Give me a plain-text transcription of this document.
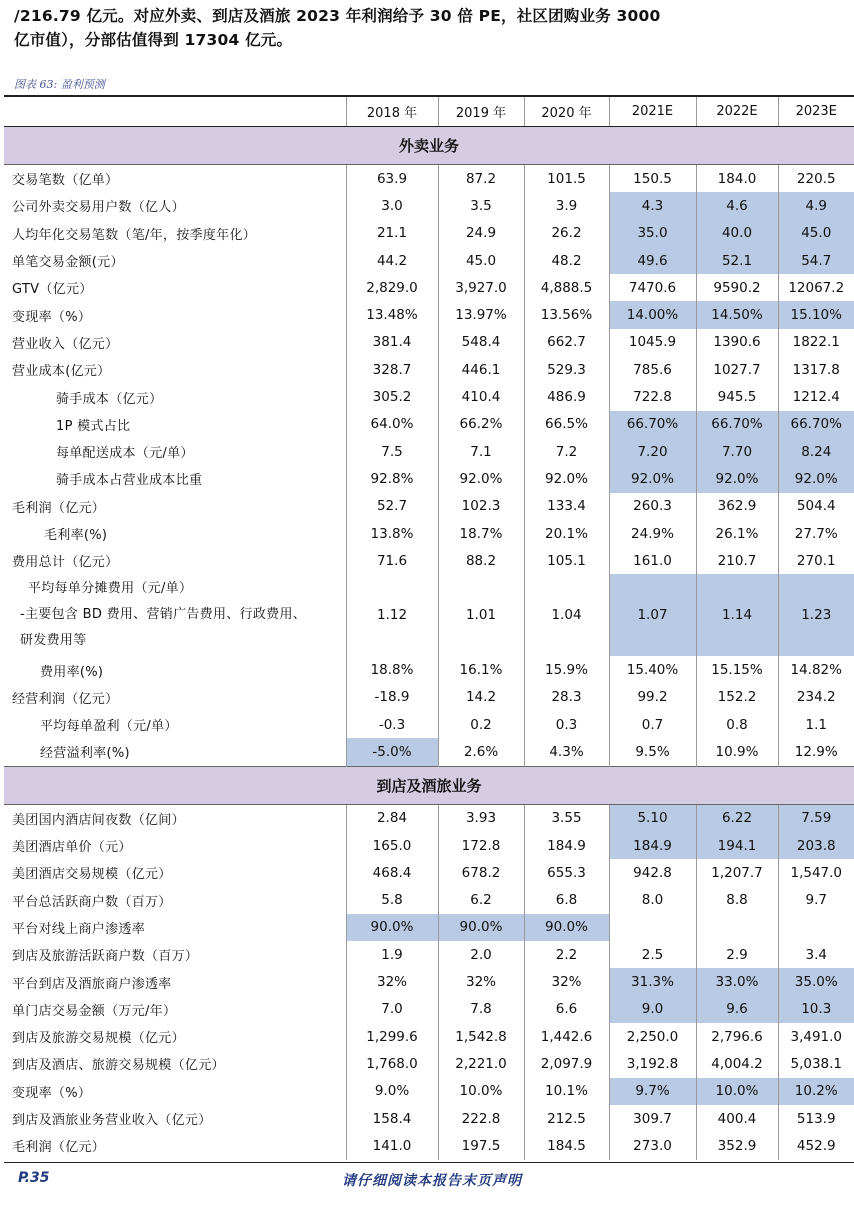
/216.79 亿元。对应外卖、到店及酒旅 2023 年利润给予 30 倍 PE，社区团购业务 3000

亿市值），分部估值得到 17304 亿元。

图表 63: 盈利预测
	2018 年	2019 年	2020 年	2021E	2022E	2023E
外卖业务						
交易笔数（亿单）	63.9	87.2	101.5	150.5	184.0	220.5
公司外卖交易用户数（亿人）	3.0	3.5	3.9	4.3	4.6	4.9
人均年化交易笔数（笔/年，按季度年化）	21.1	24.9	26.2	35.0	40.0	45.0
单笔交易金额(元）	44.2	45.0	48.2	49.6	52.1	54.7
GTV（亿元）	2,829.0	3,927.0	4,888.5	7470.6	9590.2	12067.2
变现率（%）	13.48%	13.97%	13.56%	14.00%	14.50%	15.10%
营业收入（亿元）	381.4	548.4	662.7	1045.9	1390.6	1822.1
营业成本(亿元）	328.7	446.1	529.3	785.6	1027.7	1317.8
骑手成本（亿元）	305.2	410.4	486.9	722.8	945.5	1212.4
1P 模式占比	64.0%	66.2%	66.5%	66.70%	66.70%	66.70%
每单配送成本（元/单）	7.5	7.1	7.2	7.20	7.70	8.24
骑手成本占营业成本比重	92.8%	92.0%	92.0%	92.0%	92.0%	92.0%
毛利润（亿元）	52.7	102.3	133.4	260.3	362.9	504.4
毛利率(%)	13.8%	18.7%	20.1%	24.9%	26.1%	27.7%
费用总计（亿元）	71.6	88.2	105.1	161.0	210.7	270.1

平均每单分摊费用（元/单）
-主要包含 BD 费用、营销广告费用、行政费用、
研发费用等	1.12	1.01	1.04	1.07	1.14	1.23
费用率(%)	18.8%	16.1%	15.9%	15.40%	15.15%	14.82%
经营利润（亿元）	-18.9	14.2	28.3	99.2	152.2	234.2
平均每单盈利（元/单）	-0.3	0.2	0.3	0.7	0.8	1.1
经营溢利率(%)	-5.0%	2.6%	4.3%	9.5%	10.9%	12.9%
到店及酒旅业务						
美团国内酒店间夜数（亿间）	2.84	3.93	3.55	5.10	6.22	7.59
美团酒店单价（元）	165.0	172.8	184.9	184.9	194.1	203.8
美团酒店交易规模（亿元）	468.4	678.2	655.3	942.8	1,207.7	1,547.0
平台总活跃商户数（百万）	5.8	6.2	6.8	8.0	8.8	9.7
平台对线上商户渗透率	90.0%	90.0%	90.0%			
到店及旅游活跃商户数（百万）	1.9	2.0	2.2	2.5	2.9	3.4
平台到店及酒旅商户渗透率	32%	32%	32%	31.3%	33.0%	35.0%
单门店交易金额（万元/年）	7.0	7.8	6.6	9.0	9.6	10.3
到店及旅游交易规模（亿元）	1,299.6	1,542.8	1,442.6	2,250.0	2,796.6	3,491.0
到店及酒店、旅游交易规模（亿元）	1,768.0	2,221.0	2,097.9	3,192.8	4,004.2	5,038.1
变现率（%）	9.0%	10.0%	10.1%	9.7%	10.0%	10.2%
到店及酒旅业务营业收入（亿元）	158.4	222.8	212.5	309.7	400.4	513.9
毛利润（亿元）	141.0	197.5	184.5	273.0	352.9	452.9
P.35	请仔细阅读本报告末页声明
